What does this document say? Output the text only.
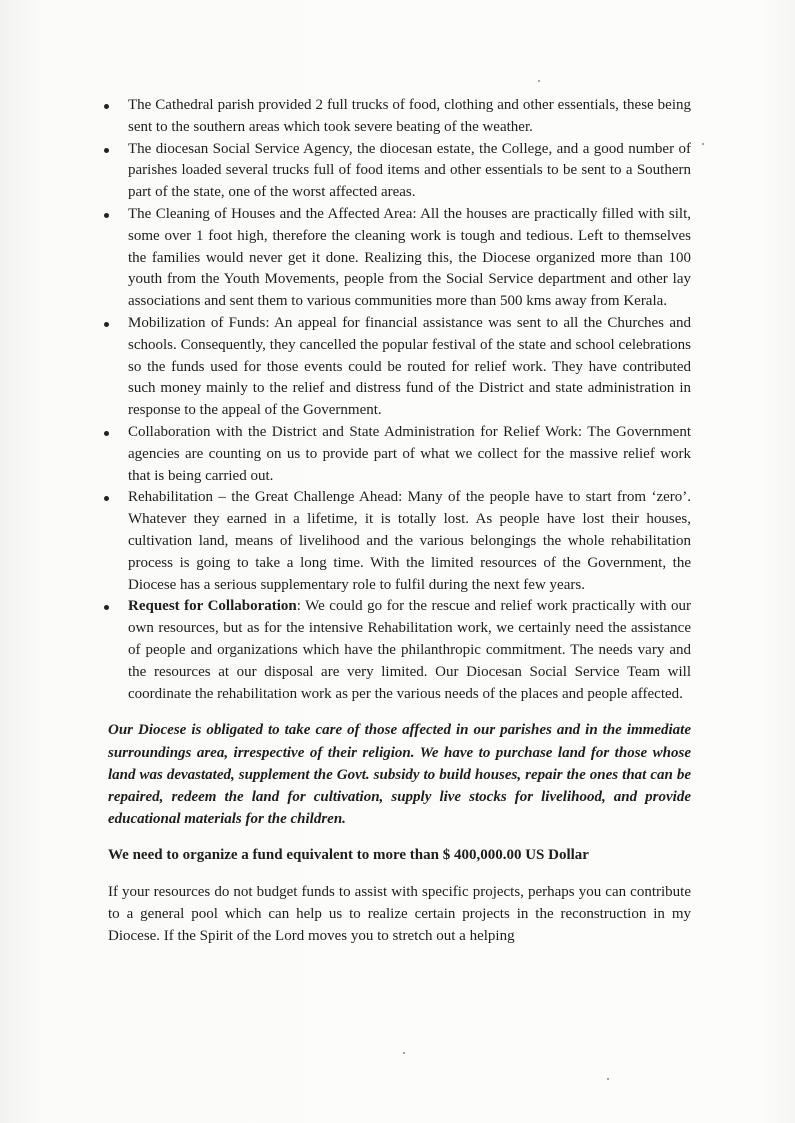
The Cathedral parish provided 2 full trucks of food, clothing and other essentials, these being sent to the southern areas which took severe beating of the weather.
The diocesan Social Service Agency, the diocesan estate, the College, and a good number of parishes loaded several trucks full of food items and other essentials to be sent to a Southern part of the state, one of the worst affected areas.
The Cleaning of Houses and the Affected Area: All the houses are practically filled with silt, some over 1 foot high, therefore the cleaning work is tough and tedious. Left to themselves the families would never get it done. Realizing this, the Diocese organized more than 100 youth from the Youth Movements, people from the Social Service department and other lay associations and sent them to various communities more than 500 kms away from Kerala.
Mobilization of Funds: An appeal for financial assistance was sent to all the Churches and schools. Consequently, they cancelled the popular festival of the state and school celebrations so the funds used for those events could be routed for relief work. They have contributed such money mainly to the relief and distress fund of the District and state administration in response to the appeal of the Government.
Collaboration with the District and State Administration for Relief Work: The Government agencies are counting on us to provide part of what we collect for the massive relief work that is being carried out.
Rehabilitation – the Great Challenge Ahead: Many of the people have to start from ‘zero’. Whatever they earned in a lifetime, it is totally lost. As people have lost their houses, cultivation land, means of livelihood and the various belongings the whole rehabilitation process is going to take a long time. With the limited resources of the Government, the Diocese has a serious supplementary role to fulfil during the next few years.
Request for Collaboration: We could go for the rescue and relief work practically with our own resources, but as for the intensive Rehabilitation work, we certainly need the assistance of people and organizations which have the philanthropic commitment. The needs vary and the resources at our disposal are very limited. Our Diocesan Social Service Team will coordinate the rehabilitation work as per the various needs of the places and people affected.

Our Diocese is obligated to take care of those affected in our parishes and in the immediate surroundings area, irrespective of their religion. We have to purchase land for those whose land was devastated, supplement the Govt. subsidy to build houses, repair the ones that can be repaired, redeem the land for cultivation, supply live stocks for livelihood, and provide educational materials for the children.

We need to organize a fund equivalent to more than $ 400,000.00 US Dollar

If your resources do not budget funds to assist with specific projects, perhaps you can contribute to a general pool which can help us to realize certain projects in the reconstruction in my Diocese. If the Spirit of the Lord moves you to stretch out a helping
